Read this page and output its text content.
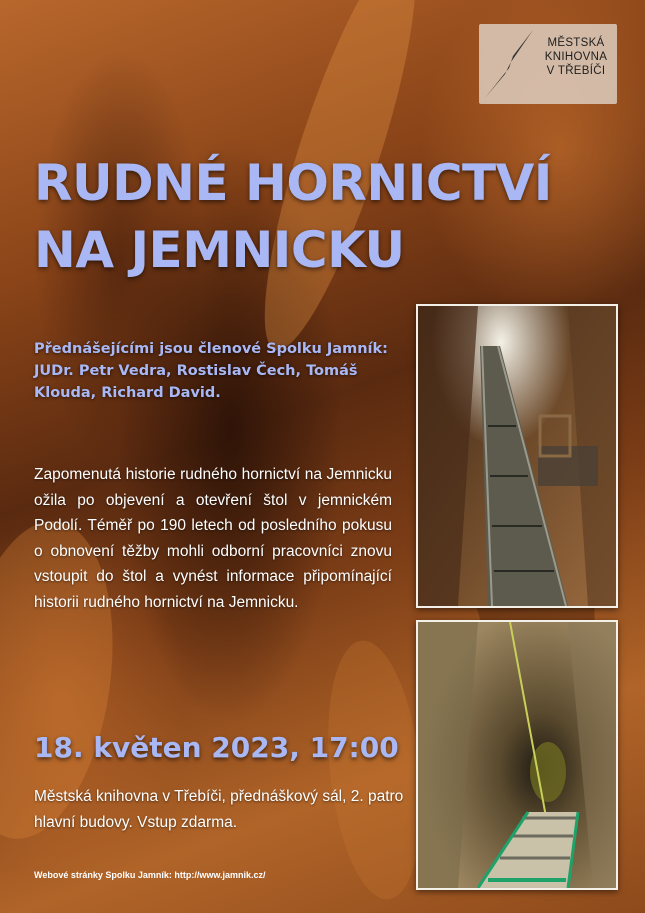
MĚSTSKÁ
KNIHOVNA
V TŘEBÍČI
RUDNÉ HORNICTVÍ
NA JEMNICKU

Přednášejícími jsou členové Spolku Jamník: JUDr. Petr Vedra, Rostislav Čech, Tomáš Klouda, Richard David.

Zapomenutá historie rudného hornictví na Jemnicku ožila po objevení a otevření štol v jemnickém Podolí. Téměř po 190 letech od posledního pokusu o obnovení těžby mohli odborní pracovníci znovu vstoupit do štol a vynést informace připomínající historii rudného hornictví na Jemnicku.

18. květen 2023, 17:00

Městská knihovna v Třebíči, přednáškový sál, 2. patro hlavní budovy. Vstup zdarma.

Webové stránky Spolku Jamník: http://www.jamnik.cz/
